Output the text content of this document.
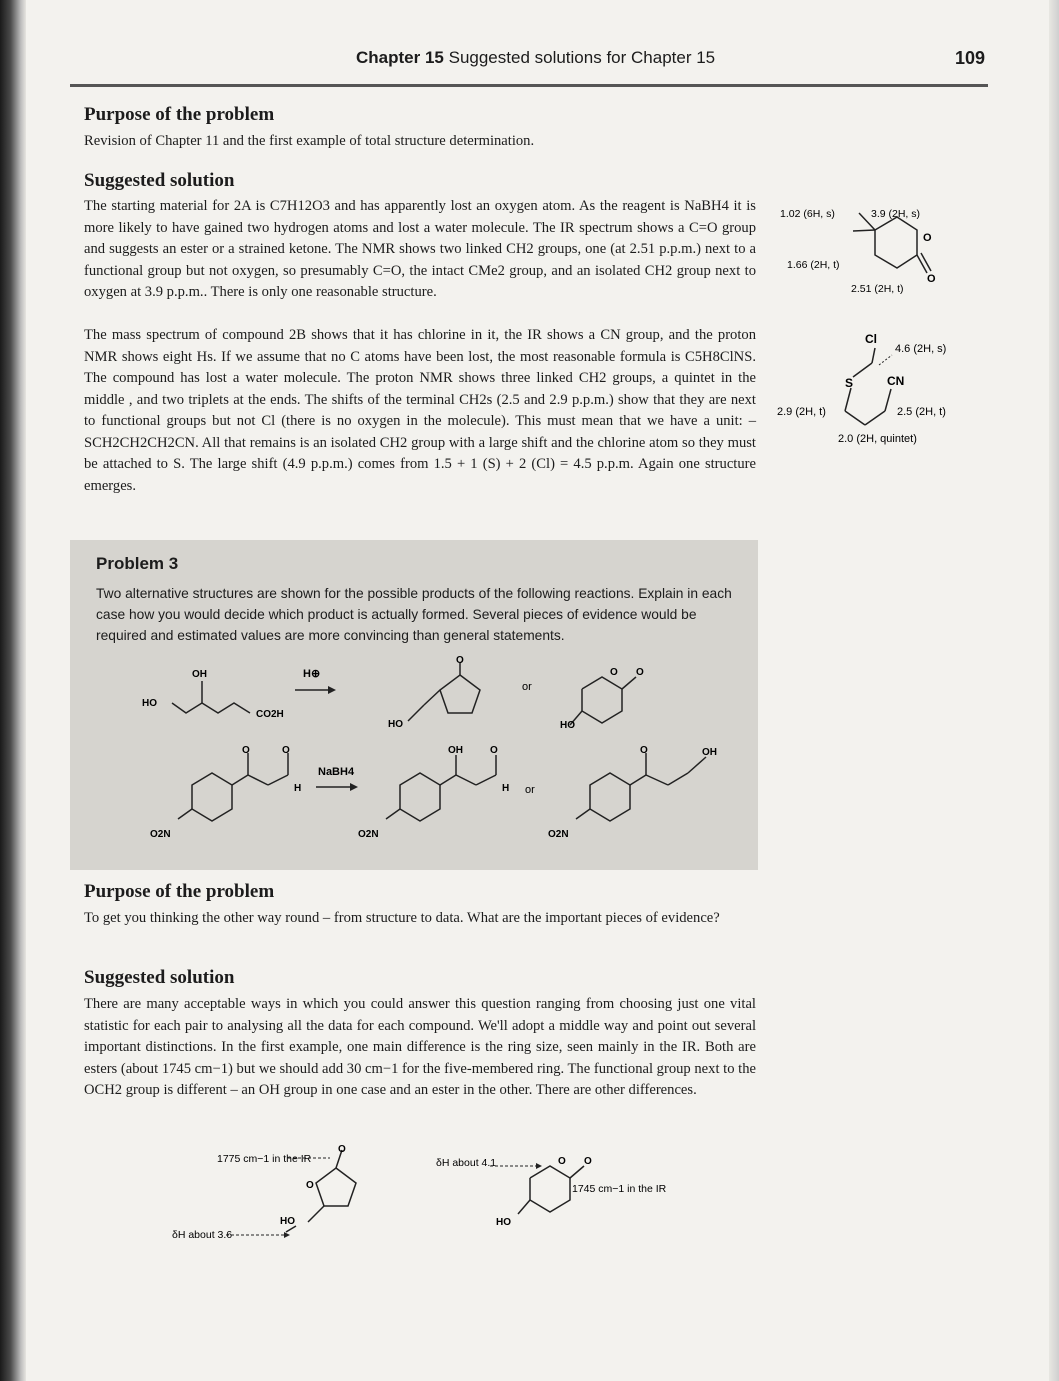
Chapter 15 Suggested solutions for Chapter 15	109
Purpose of the problem

Revision of Chapter 11 and the first example of total structure determination.

Suggested solution

The starting material for 2A is C7H12O3 and has apparently lost an oxygen atom. As the reagent is NaBH4 it is more likely to have gained two hydrogen atoms and lost a water molecule. The IR spectrum shows a C=O group and suggests an ester or a strained ketone. The NMR shows two linked CH2 groups, one (at 2.51 p.p.m.) next to a functional group but not oxygen, so presumably C=O, the intact CMe2 group, and an isolated CH2 group next to oxygen at 3.9 p.p.m.. There is only one reasonable structure.

The mass spectrum of compound 2B shows that it has chlorine in it, the IR shows a CN group, and the proton NMR shows eight Hs. If we assume that no C atoms have been lost, the most reasonable formula is C5H8ClNS. The compound has lost a water molecule. The proton NMR shows three linked CH2 groups, a quintet in the middle , and two triplets at the ends. The shifts of the terminal CH2s (2.5 and 2.9 p.p.m.) show that they are next to functional groups but not Cl (there is no oxygen in the molecule). This must mean that we have a unit: –SCH2CH2CH2CN. All that remains is an isolated CH2 group with a large shift and the chlorine atom so they must be attached to S. The large shift (4.9 p.p.m.) comes from 1.5 + 1 (S) + 2 (Cl) = 4.5 p.p.m. Again one structure emerges.

1.02 (6H, s)	3.9 (2H, s)
1.66 (2H, t)
2.51 (2H, t)
O
O
Cl
4.6 (2H, s)
S	CN
2.9 (2H, t)	2.5 (2H, t)
2.0 (2H, quintet)
Problem 3

Two alternative structures are shown for the possible products of the following reactions. Explain in each case how you would decide which product is actually formed. Several pieces of evidence would be required and estimated values are more convincing than general statements.

OH
HO
CO2H
H⊕
O
HO
or
O O
HO
O	O
H
O2N
NaBH4
OH	O
H
O2N
or
O	OH
O2N
Purpose of the problem

To get you thinking the other way round – from structure to data. What are the important pieces of evidence?

Suggested solution

There are many acceptable ways in which you could answer this question ranging from choosing just one vital statistic for each pair to analysing all the data for each compound. We'll adopt a middle way and point out several important distinctions. In the first example, one main difference is the ring size, seen mainly in the IR. Both are esters (about 1745 cm−1) but we should add 30 cm−1 for the five-membered ring. The functional group next to the OCH2 group is different – an OH group in one case and an ester in the other. There are other differences.

1775 cm−1 in the IR
O
O
HO
δH about 3.6
O O
HO
δH about 4.1
1745 cm−1 in the IR
